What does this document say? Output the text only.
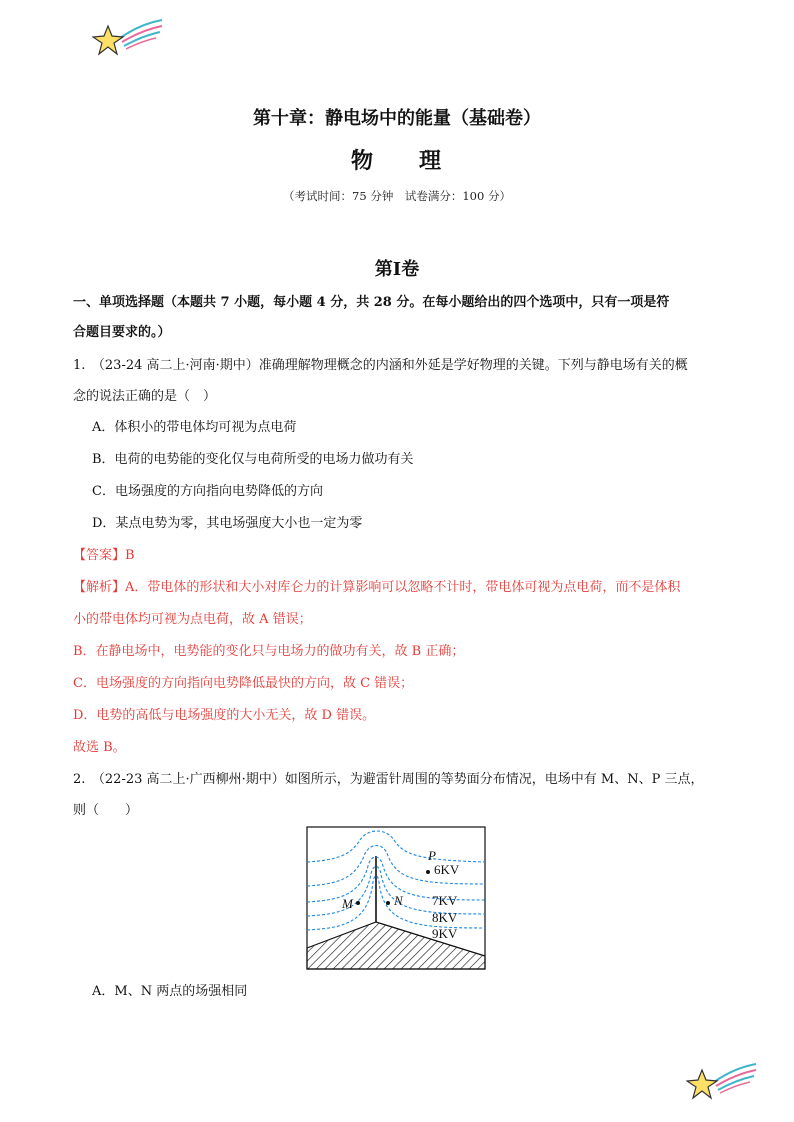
第十章：静电场中的能量（基础卷）
物 理
（考试时间：75 分钟　试卷满分：100 分）
第Ⅰ卷
一、单项选择题（本题共 7 小题，每小题 4 分，共 28 分。在每小题给出的四个选项中，只有一项是符
合题目要求的。）
1.　（23-24 高二上·河南·期中）准确理解物理概念的内涵和外延是学好物理的关键。下列与静电场有关的概
念的说法正确的是（　）
A．体积小的带电体均可视为点电荷
B．电荷的电势能的变化仅与电荷所受的电场力做功有关
C．电场强度的方向指向电势降低的方向
D．某点电势为零，其电场强度大小也一定为零
【答案】B
【解析】A．带电体的形状和大小对库仑力的计算影响可以忽略不计时，带电体可视为点电荷，而不是体积
小的带电体均可视为点电荷，故 A 错误；
B．在静电场中，电势能的变化只与电场力的做功有关，故 B 正确；
C．电场强度的方向指向电势降低最快的方向，故 C 错误；
D．电势的高低与电场强度的大小无关，故 D 错误。
故选 B。
2.　（22-23 高二上·广西柳州·期中）如图所示，为避雷针周围的等势面分布情况，电场中有 M、N、P 三点，
则（　　）
P
6KV
M	N 7KV
8KV
9KV
A．M、N 两点的场强相同
